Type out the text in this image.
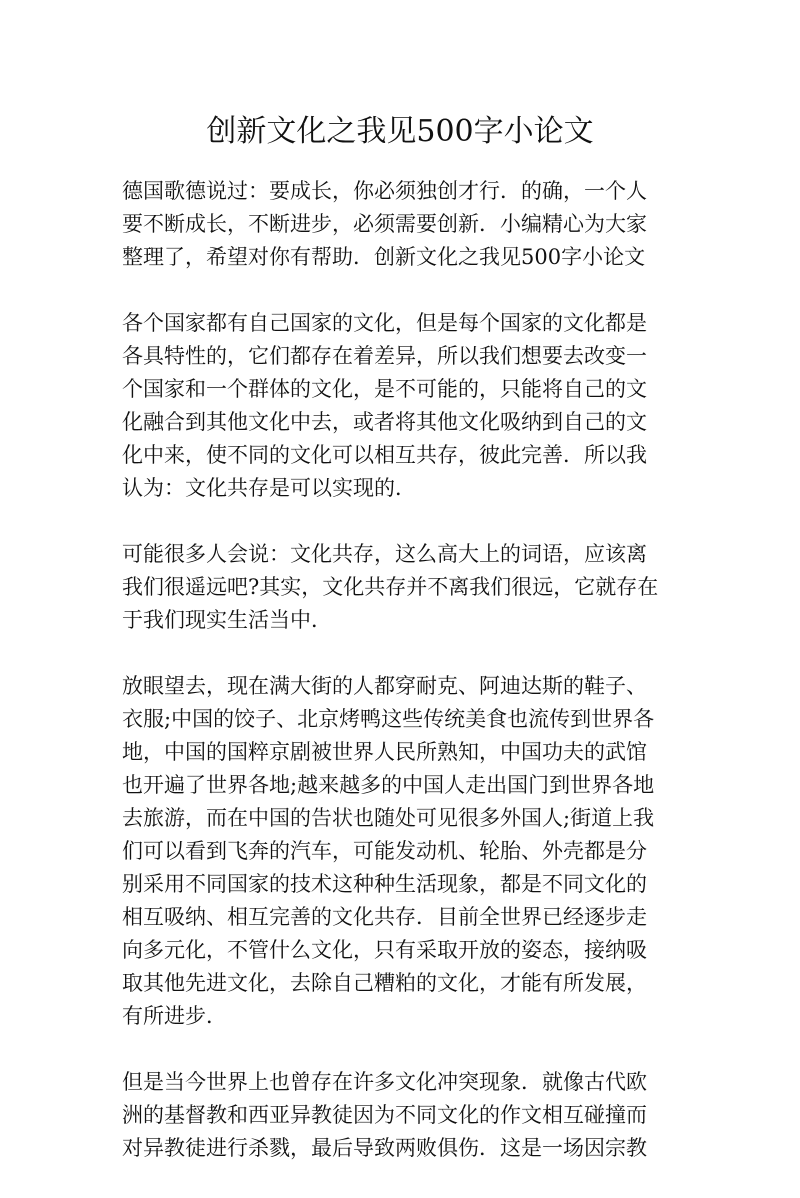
创新文化之我见500字小论文

德国歌德说过：要成长，你必须独创才行．的确，一个人
要不断成长，不断进步，必须需要创新．小编精心为大家
整理了，希望对你有帮助．创新文化之我见500字小论文

各个国家都有自己国家的文化，但是每个国家的文化都是
各具特性的，它们都存在着差异，所以我们想要去改变一
个国家和一个群体的文化，是不可能的，只能将自己的文
化融合到其他文化中去，或者将其他文化吸纳到自己的文
化中来，使不同的文化可以相互共存，彼此完善．所以我
认为：文化共存是可以实现的．

可能很多人会说：文化共存，这么高大上的词语，应该离
我们很遥远吧?其实，文化共存并不离我们很远，它就存在
于我们现实生活当中．

放眼望去，现在满大街的人都穿耐克、阿迪达斯的鞋子、
衣服;中国的饺子、北京烤鸭这些传统美食也流传到世界各
地，中国的国粹京剧被世界人民所熟知，中国功夫的武馆
也开遍了世界各地;越来越多的中国人走出国门到世界各地
去旅游，而在中国的告状也随处可见很多外国人;街道上我
们可以看到飞奔的汽车，可能发动机、轮胎、外壳都是分
别采用不同国家的技术这种种生活现象，都是不同文化的
相互吸纳、相互完善的文化共存．目前全世界已经逐步走
向多元化，不管什么文化，只有采取开放的姿态，接纳吸
取其他先进文化，去除自己糟粕的文化，才能有所发展，
有所进步．

但是当今世界上也曾存在许多文化冲突现象．就像古代欧
洲的基督教和西亚异教徒因为不同文化的作文相互碰撞而
对异教徒进行杀戮，最后导致两败俱伤．这是一场因宗教
